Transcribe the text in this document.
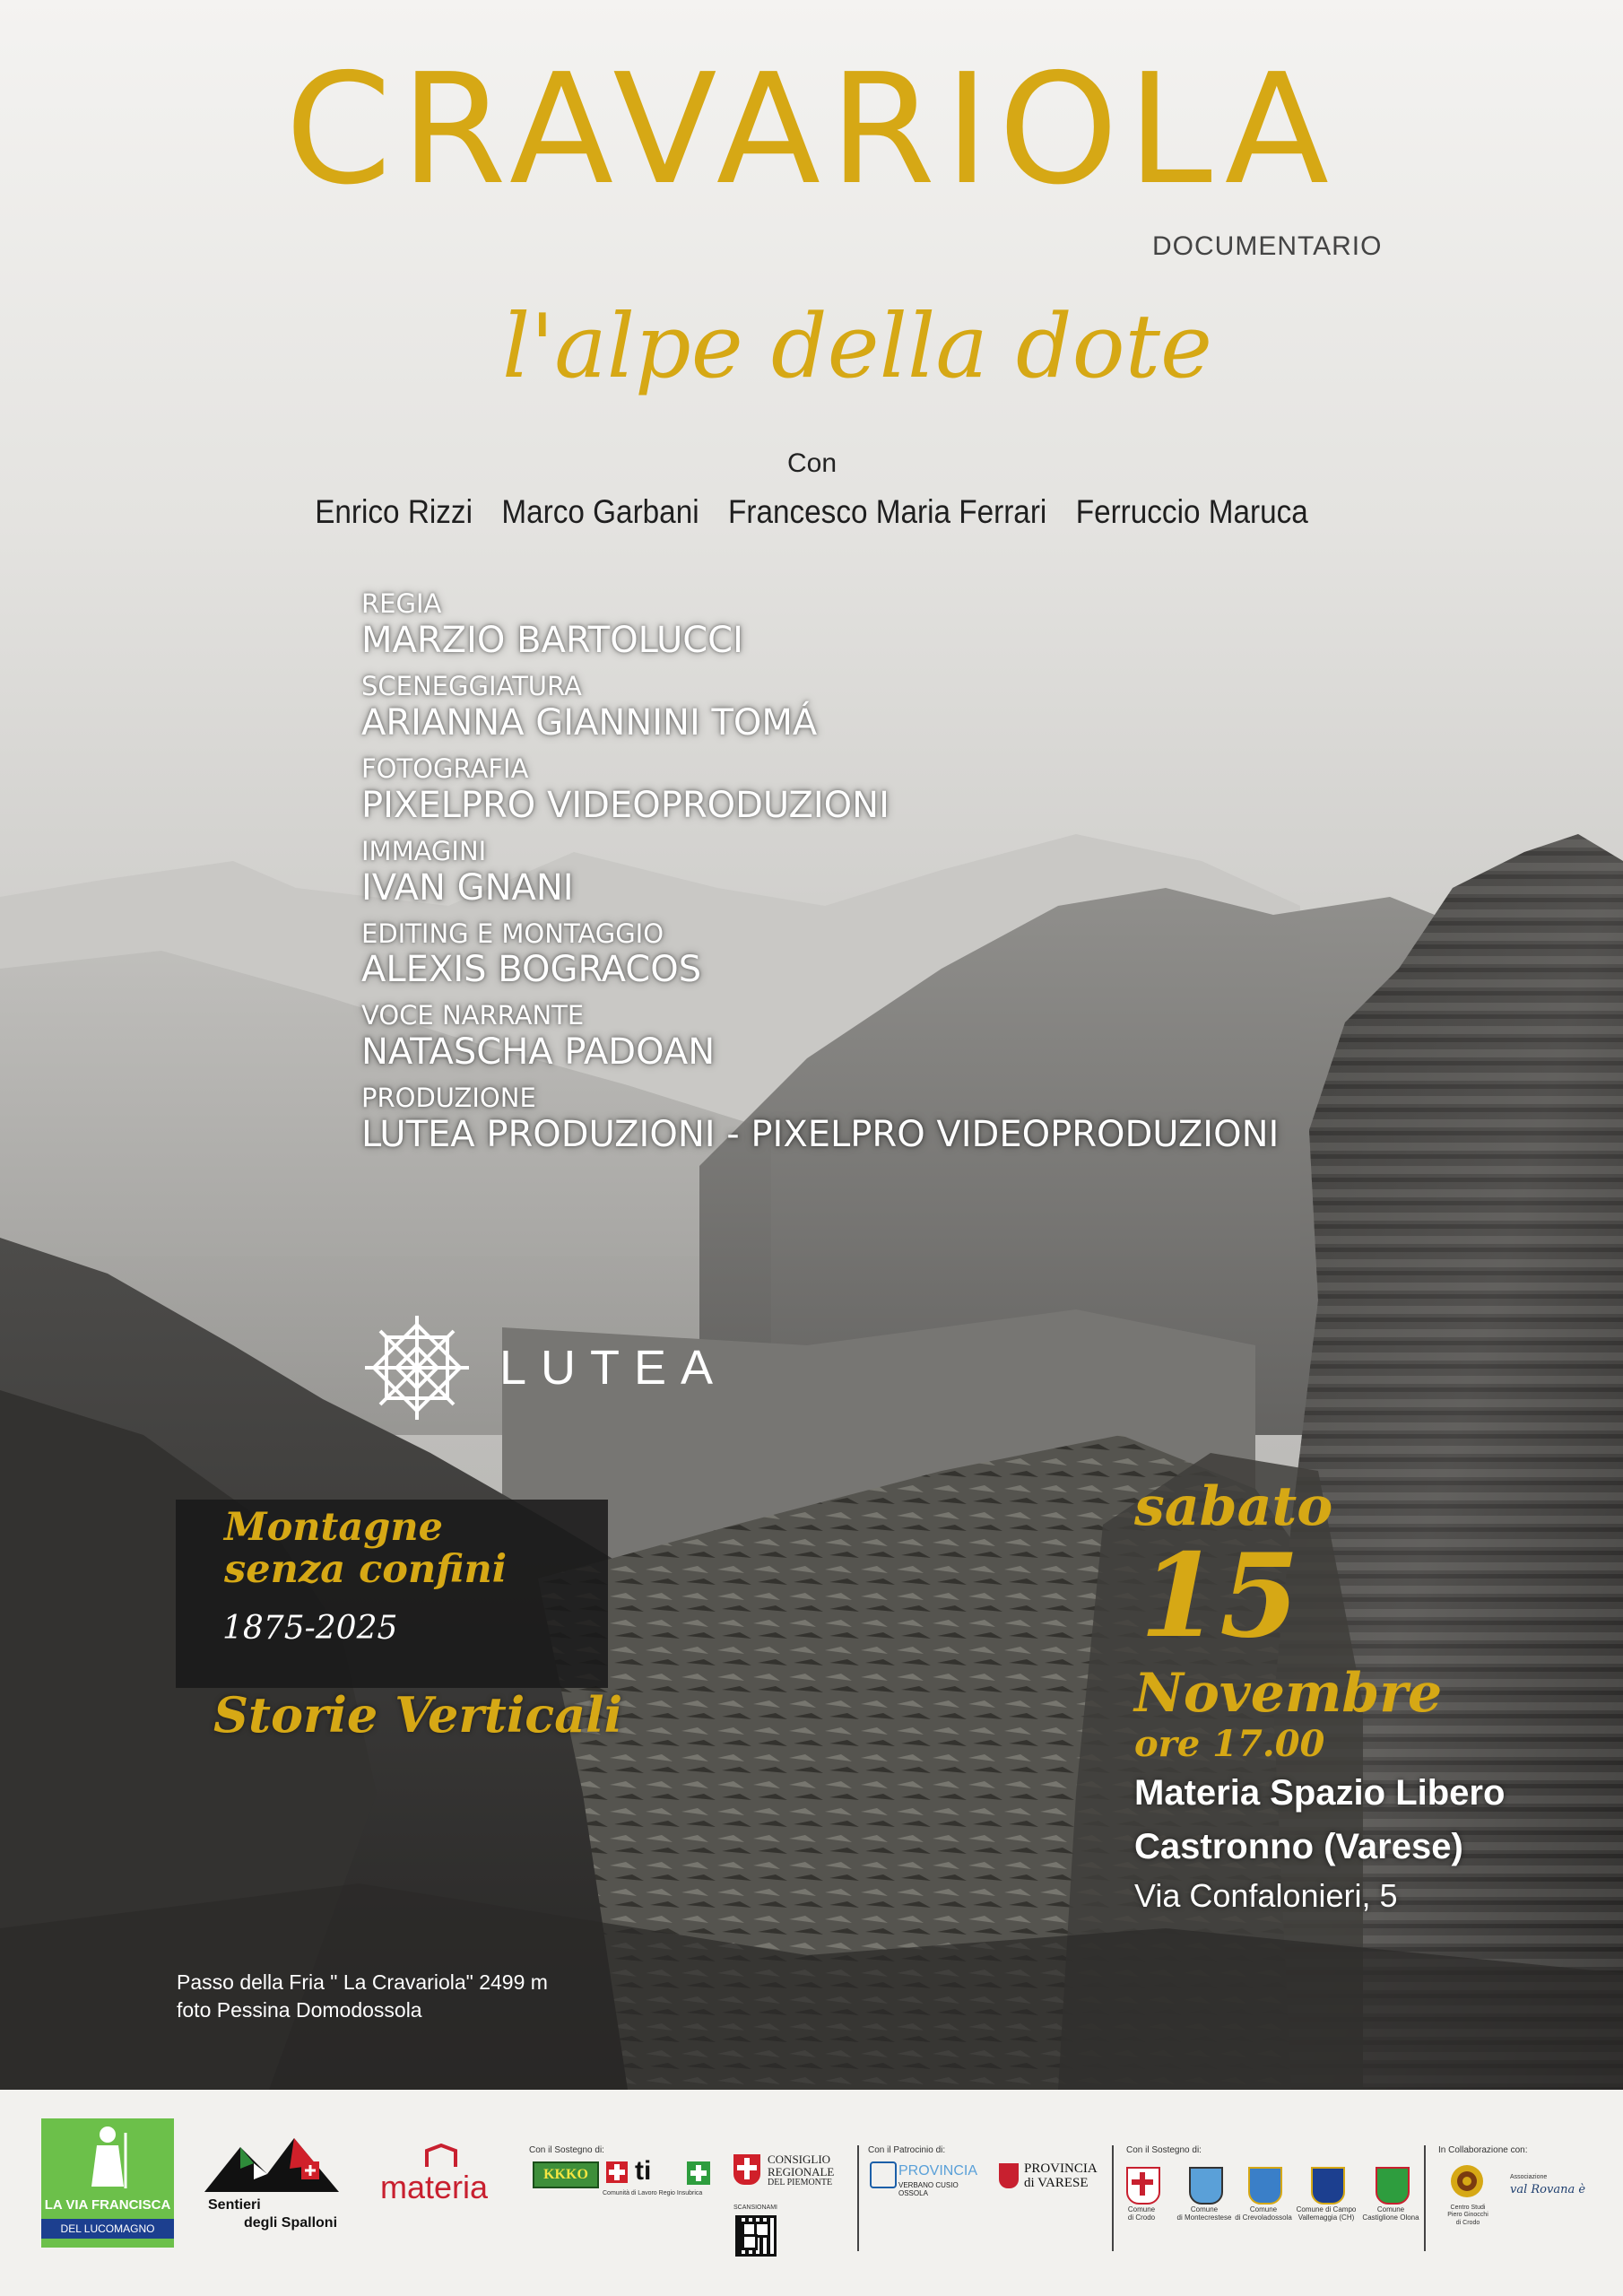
CRAVARIOLA
DOCUMENTARIO
l'alpe della dote
Con
Enrico Rizzi Marco Garbani Francesco Maria Ferrari Ferruccio Maruca
REGIA
MARZIO BARTOLUCCI
SCENEGGIATURA
ARIANNA GIANNINI TOMÁ
FOTOGRAFIA
PIXELPRO VIDEOPRODUZIONI
IMMAGINI
IVAN GNANI
EDITING E MONTAGGIO
ALEXIS BOGRACOS
VOCE NARRANTE
NATASCHA PADOAN
PRODUZIONE
LUTEA PRODUZIONI - PIXELPRO VIDEOPRODUZIONI
LUTEA
Montagne
senza confini
1875-2025
Storie Verticali
sabato
15
Novembre
ore 17.00
Materia Spazio Libero
Castronno (Varese)
Via Confalonieri, 5
Passo della Fria " La Cravariola" 2499 m
foto Pessina Domodossola
LA VIA FRANCISCA
DEL LUCOMAGNO
Sentieri
degli Spalloni
materia
Con il Sostegno di:
KKKO	ti
Comunità di Lavoro Regio Insubrica
CONSIGLIO
REGIONALE
DEL PIEMONTE
SCANSIONAMI
Con il Patrocinio di:
PROVINCIA
VERBANO CUSIO OSSOLA
PROVINCIA
di VARESE
Con il Sostegno di:
Comune
di Crodo
Comune
di Montecrestese
Comune
di Crevoladossola
Comune di Campo
Vallemaggia (CH)
Comune
Castiglione Olona
In Collaborazione con:
Centro Studi
Piero Ginocchi
di Crodo
Associazione
val Rovana è
